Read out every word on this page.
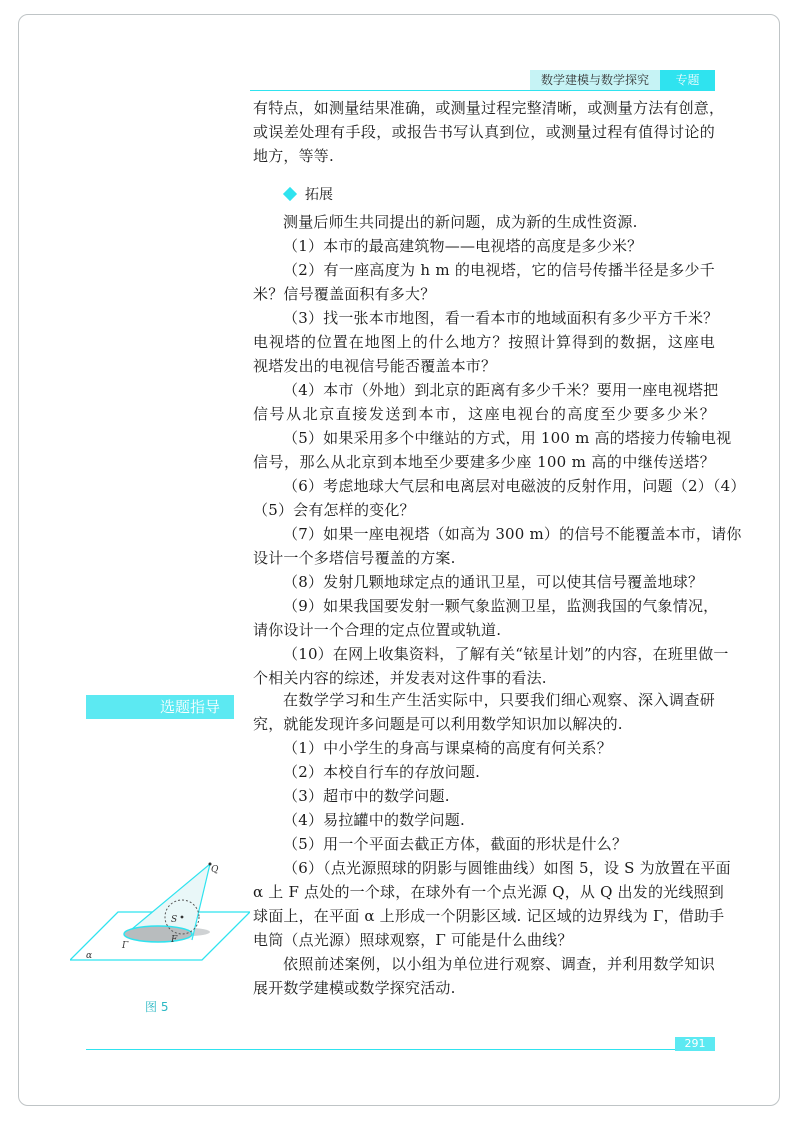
数学建模与数学探究	专题
有特点，如测量结果准确，或测量过程完整清晰，或测量方法有创意，
或误差处理有手段，或报告书写认真到位，或测量过程有值得讨论的
地方，等等.
拓展
测量后师生共同提出的新问题，成为新的生成性资源.
（1）本市的最高建筑物——电视塔的高度是多少米？
（2）有一座高度为 h m 的电视塔，它的信号传播半径是多少千
米？信号覆盖面积有多大？
（3）找一张本市地图，看一看本市的地域面积有多少平方千米？
电视塔的位置在地图上的什么地方？按照计算得到的数据，这座电
视塔发出的电视信号能否覆盖本市？
（4）本市（外地）到北京的距离有多少千米？要用一座电视塔把
信号从北京直接发送到本市，这座电视台的高度至少要多少米？
（5）如果采用多个中继站的方式，用 100 m 高的塔接力传输电视
信号，那么从北京到本地至少要建多少座 100 m 高的中继传送塔？
（6）考虑地球大气层和电离层对电磁波的反射作用，问题（2）（4）
（5）会有怎样的变化？
（7）如果一座电视塔（如高为 300 m）的信号不能覆盖本市，请你
设计一个多塔信号覆盖的方案.
（8）发射几颗地球定点的通讯卫星，可以使其信号覆盖地球？
（9）如果我国要发射一颗气象监测卫星，监测我国的气象情况，
请你设计一个合理的定点位置或轨道.
（10）在网上收集资料，了解有关“铱星计划”的内容，在班里做一
个相关内容的综述，并发表对这件事的看法.
选题指导	在数学学习和生产生活实际中，只要我们细心观察、深入调查研
究，就能发现许多问题是可以利用数学知识加以解决的.
（1）中小学生的身高与课桌椅的高度有何关系？
（2）本校自行车的存放问题.
（3）超市中的数学问题.
（4）易拉罐中的数学问题.
（5）用一个平面去截正方体，截面的形状是什么？
（6）（点光源照球的阴影与圆锥曲线）如图 5，设 S 为放置在平面
α 上 F 点处的一个球，在球外有一个点光源 Q，从 Q 出发的光线照到
球面上，在平面 α 上形成一个阴影区域. 记区域的边界线为 Γ，借助手
电筒（点光源）照球观察，Γ 可能是什么曲线？
依照前述案例，以小组为单位进行观察、调查，并利用数学知识
展开数学建模或数学探究活动.
Q
S
F
Γ
α
图 5
291
